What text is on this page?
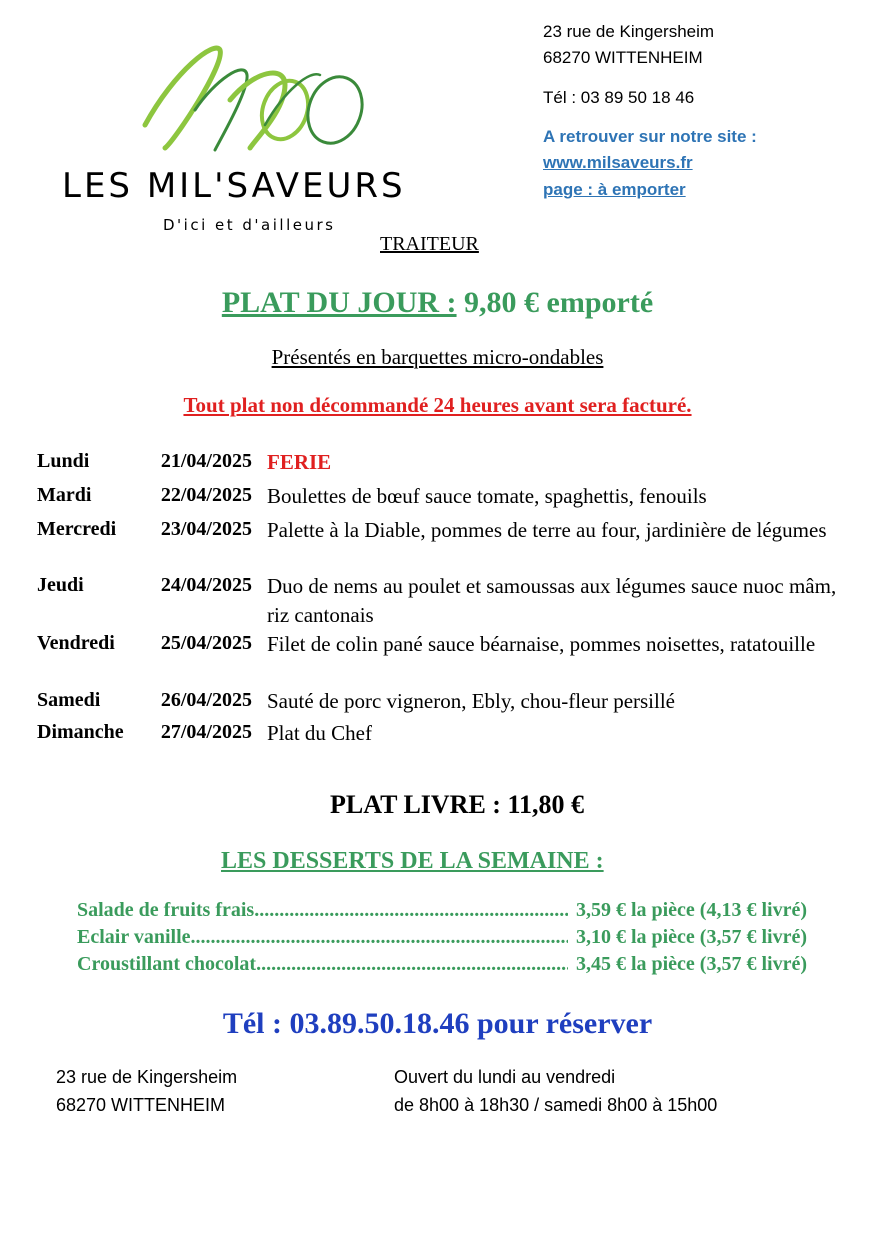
LES MIL'SAVEURS
D'ici et d'ailleurs
TRAITEUR
23 rue de Kingersheim
68270 WITTENHEIM
Tél : 03 89 50 18 46
A retrouver sur notre site :
www.milsaveurs.fr
page : à emporter
PLAT DU JOUR : 9,80 € emporté
Présentés en barquettes micro-ondables
Tout plat non décommandé 24 heures avant sera facturé.
Lundi	21/04/2025 FERIE
Mardi	22/04/2025 Boulettes de bœuf sauce tomate, spaghettis, fenouils
Mercredi	23/04/2025 Palette à la Diable, pommes de terre au four, jardinière de légumes
Jeudi	24/04/2025 Duo de nems au poulet et samoussas aux légumes sauce nuoc mâm, riz cantonais
Vendredi	25/04/2025 Filet de colin pané sauce béarnaise, pommes noisettes, ratatouille
Samedi	26/04/2025 Sauté de porc vigneron, Ebly, chou-fleur persillé
Dimanche	27/04/2025 Plat du Chef
PLAT LIVRE : 11,80 €
LES DESSERTS DE LA SEMAINE :
Salade de fruits frais .....	3,59 € la pièce (4,13 € livré)
Eclair vanille .....	3,10 € la pièce (3,57 € livré)
Croustillant chocolat .....	3,45 € la pièce (3,57 € livré)
Tél : 03.89.50.18.46 pour réserver
23 rue de Kingersheim
68270 WITTENHEIM
Ouvert du lundi au vendredi
de 8h00 à 18h30 / samedi 8h00 à 15h00
